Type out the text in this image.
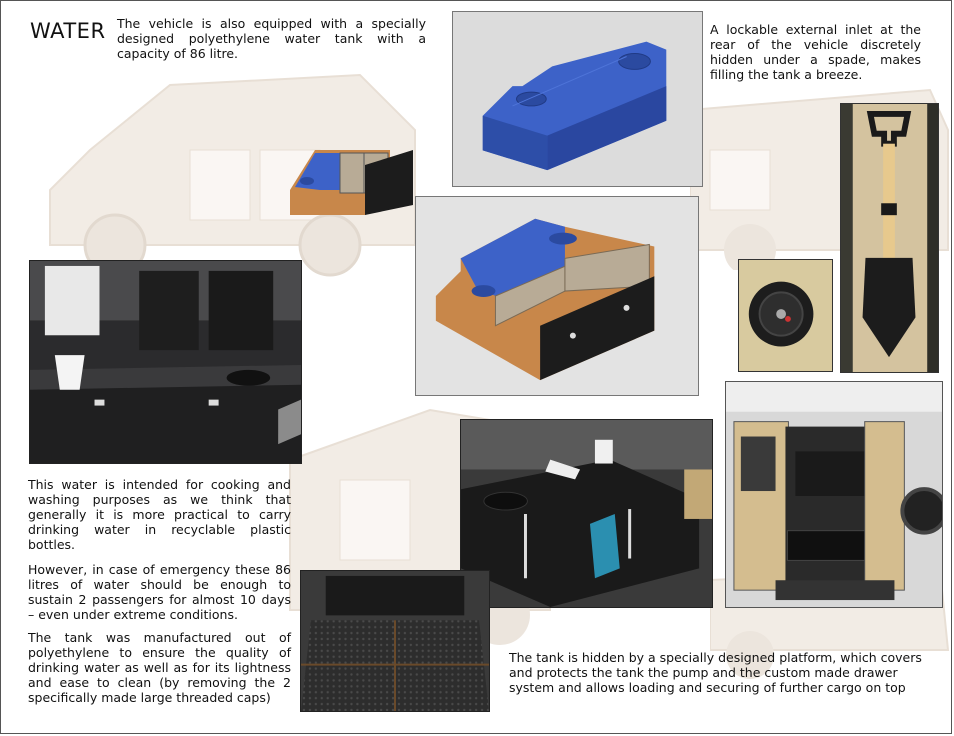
WATER The vehicle is also equipped with a specially designed polyethylene water tank with a capacity of 86 litre.

A lockable external inlet at the rear of the vehicle discretely hidden under a spade, makes filling the tank a breeze.

This water is intended for cooking and washing purposes as we think that generally it is more practical to carry drinking water in recyclable plastic bottles.

However, in case of emergency these 86 litres of water should be enough to sustain 2 passengers for almost 10 days – even under extreme conditions.

The tank was manufactured out of polyethylene to ensure the quality of drinking water as well as for its lightness and ease to clean (by removing the 2 specifically made large threaded caps)

The tank is hidden by a specially designed platform, which covers and protects the tank the pump and the custom made drawer system and allows loading and securing of further cargo on top
